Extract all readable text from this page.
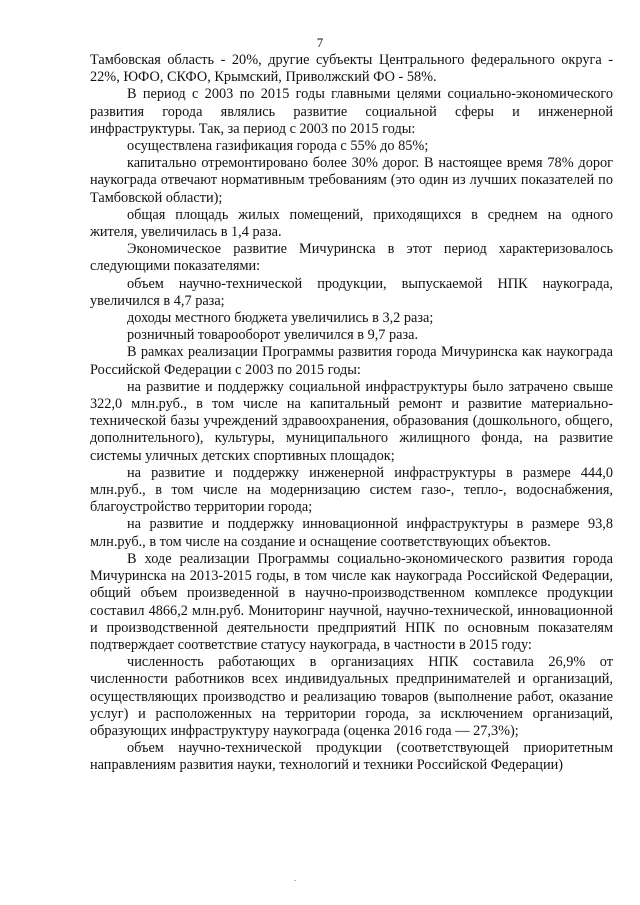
7

Тамбовская область - 20%, другие субъекты Центрального федерального округа - 22%, ЮФО, СКФО, Крымский, Приволжский ФО - 58%.

В период с 2003 по 2015 годы главными целями социально-экономического развития города являлись развитие социальной сферы и инженерной инфраструктуры. Так, за период с 2003 по 2015 годы:

осуществлена газификация города с 55% до 85%;

капитально отремонтировано более 30% дорог. В настоящее время 78% дорог наукограда отвечают нормативным требованиям (это один из лучших показателей по Тамбовской области);

общая площадь жилых помещений, приходящихся в среднем на одного жителя, увеличилась в 1,4 раза.

Экономическое развитие Мичуринска в этот период характеризовалось следующими показателями:

объем научно-технической продукции, выпускаемой НПК наукограда, увеличился в 4,7 раза;

доходы местного бюджета увеличились в 3,2 раза;

розничный товарооборот увеличился в 9,7 раза.

В рамках реализации Программы развития города Мичуринска как наукограда Российской Федерации с 2003 по 2015 годы:

на развитие и поддержку социальной инфраструктуры было затрачено свыше 322,0 млн.руб., в том числе на капитальный ремонт и развитие материально-технической базы учреждений здравоохранения, образования (дошкольного, общего, дополнительного), культуры, муниципального жилищного фонда, на развитие системы уличных детских спортивных площадок;

на развитие и поддержку инженерной инфраструктуры в размере 444,0 млн.руб., в том числе на модернизацию систем газо-, тепло-, водоснабжения, благоустройство территории города;

на развитие и поддержку инновационной инфраструктуры в размере 93,8 млн.руб., в том числе на создание и оснащение соответствующих объектов.

В ходе реализации Программы социально-экономического развития города Мичуринска на 2013-2015 годы, в том числе как наукограда Российской Федерации, общий объем произведенной в научно-производственном комплексе продукции составил 4866,2 млн.руб. Мониторинг научной, научно-технической, инновационной и производственной деятельности предприятий НПК по основным показателям подтверждает соответствие статусу наукограда, в частности в 2015 году:

численность работающих в организациях НПК составила 26,9% от численности работников всех индивидуальных предпринимателей и организаций, осуществляющих производство и реализацию товаров (выполнение работ, оказание услуг) и расположенных на территории города, за исключением организаций, образующих инфраструктуру наукограда (оценка 2016 года — 27,3%);

объем научно-технической продукции (соответствующей приоритетным направлениям развития науки, технологий и техники Российской Федерации)
